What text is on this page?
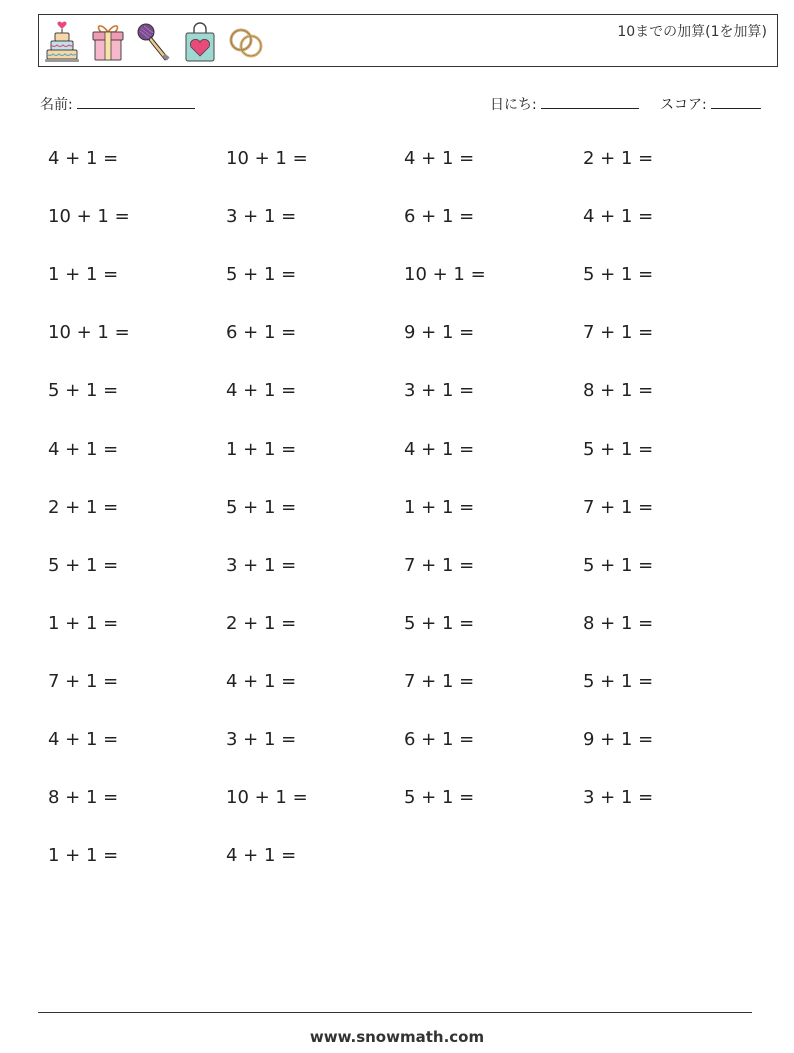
10までの加算(1を加算)
名前:	日にち:	スコア:
4 + 1 =	10 + 1 =	4 + 1 =	2 + 1 =
10 + 1 =	3 + 1 =	6 + 1 =	4 + 1 =
1 + 1 =	5 + 1 =	10 + 1 =	5 + 1 =
10 + 1 =	6 + 1 =	9 + 1 =	7 + 1 =
5 + 1 =	4 + 1 =	3 + 1 =	8 + 1 =
4 + 1 =	1 + 1 =	4 + 1 =	5 + 1 =
2 + 1 =	5 + 1 =	1 + 1 =	7 + 1 =
5 + 1 =	3 + 1 =	7 + 1 =	5 + 1 =
1 + 1 =	2 + 1 =	5 + 1 =	8 + 1 =
7 + 1 =	4 + 1 =	7 + 1 =	5 + 1 =
4 + 1 =	3 + 1 =	6 + 1 =	9 + 1 =
8 + 1 =	10 + 1 =	5 + 1 =	3 + 1 =
1 + 1 =	4 + 1 =
www.snowmath.com
